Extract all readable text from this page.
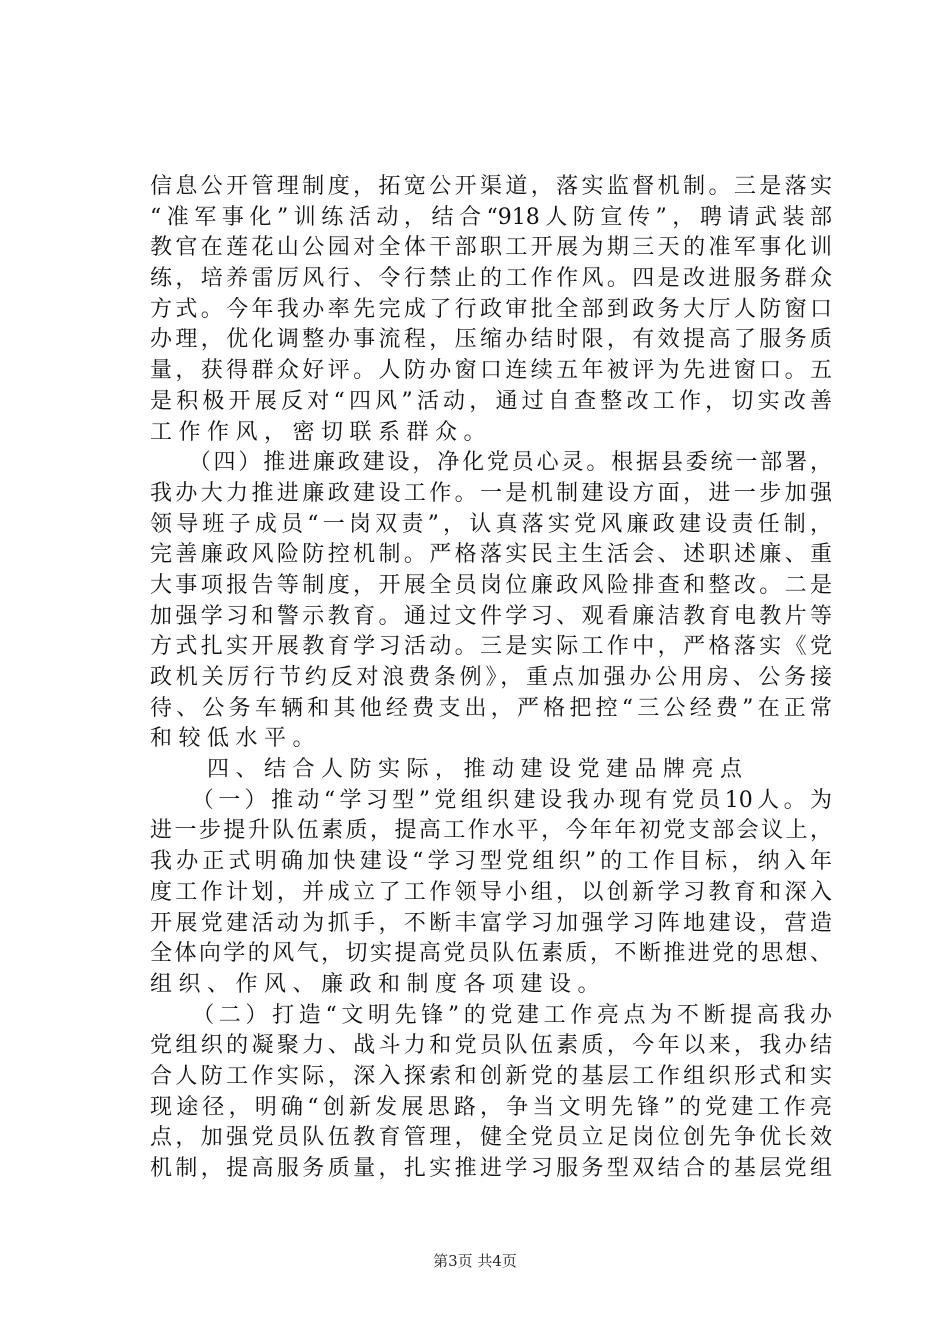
信息公开管理制度，拓宽公开渠道，落实监督机制。三是落实
“准军事化”训练活动，结合“918人防宣传”，聘请武装部
教官在莲花山公园对全体干部职工开展为期三天的准军事化训
练，培养雷厉风行、令行禁止的工作作风。四是改进服务群众
方式。今年我办率先完成了行政审批全部到政务大厅人防窗口
办理，优化调整办事流程，压缩办结时限，有效提高了服务质
量，获得群众好评。人防办窗口连续五年被评为先进窗口。五
是积极开展反对“四风”活动，通过自查整改工作，切实改善
工作作风，密切联系群众。
　　（四）推进廉政建设，净化党员心灵。根据县委统一部署，
我办大力推进廉政建设工作。一是机制建设方面，进一步加强
领导班子成员“一岗双责”，认真落实党风廉政建设责任制，
完善廉政风险防控机制。严格落实民主生活会、述职述廉、重
大事项报告等制度，开展全员岗位廉政风险排查和整改。二是
加强学习和警示教育。通过文件学习、观看廉洁教育电教片等
方式扎实开展教育学习活动。三是实际工作中，严格落实《党
政机关厉行节约反对浪费条例》，重点加强办公用房、公务接
待、公务车辆和其他经费支出，严格把控“三公经费”在正常
和较低水平。
　　四、结合人防实际，推动建设党建品牌亮点
　　（一）推动“学习型”党组织建设我办现有党员10人。为
进一步提升队伍素质，提高工作水平，今年年初党支部会议上，
我办正式明确加快建设“学习型党组织”的工作目标，纳入年
度工作计划，并成立了工作领导小组，以创新学习教育和深入
开展党建活动为抓手，不断丰富学习加强学习阵地建设，营造
全体向学的风气，切实提高党员队伍素质，不断推进党的思想、
组织、作风、廉政和制度各项建设。
　　（二）打造“文明先锋”的党建工作亮点为不断提高我办
党组织的凝聚力、战斗力和党员队伍素质，今年以来，我办结
合人防工作实际，深入探索和创新党的基层工作组织形式和实
现途径，明确“创新发展思路，争当文明先锋”的党建工作亮
点，加强党员队伍教育管理，健全党员立足岗位创先争优长效
机制，提高服务质量，扎实推进学习服务型双结合的基层党组
第3页 共4页
